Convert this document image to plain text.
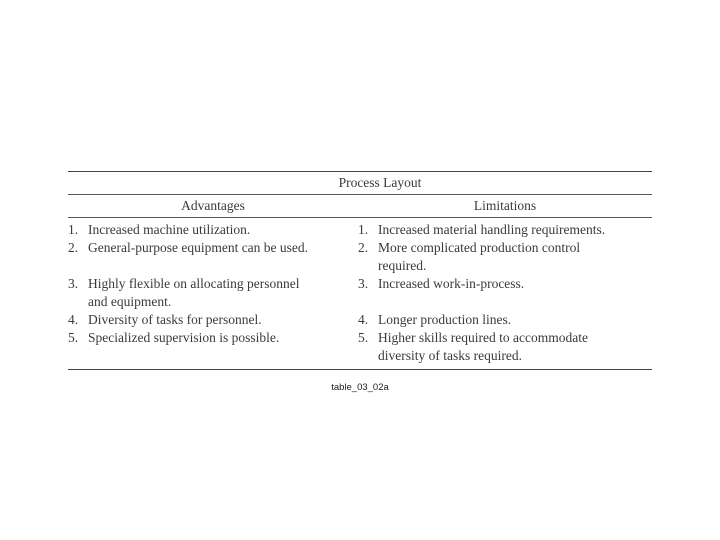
Process Layout
Advantages	Limitations
1. Increased machine utilization.	1. Increased material handling requirements.
2. General-purpose equipment can be used.	2. More complicated production control
required.
3. Highly flexible on allocating personnel	3. Increased work-in-process.
and equipment.
4. Diversity of tasks for personnel.	4. Longer production lines.
5. Specialized supervision is possible.	5. Higher skills required to accommodate
diversity of tasks required.
table_03_02a
